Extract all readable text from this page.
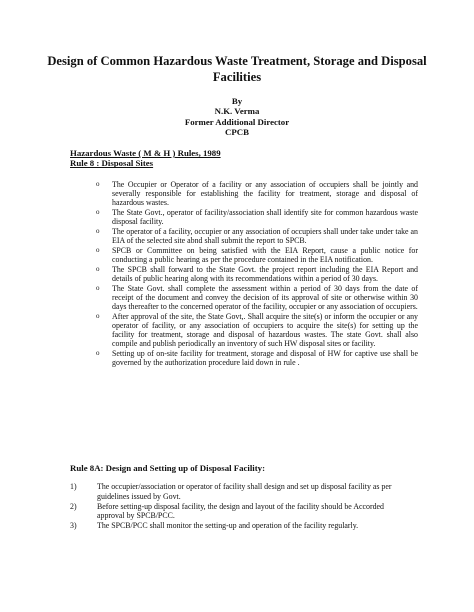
Design of Common Hazardous Waste Treatment, Storage and Disposal Facilities
By
N.K. Verma
Former Additional Director
CPCB
Hazardous Waste ( M & H ) Rules, 1989
Rule 8 : Disposal Sites
o The Occupier or Operator of a facility or any association of occupiers shall be jointly and severally responsible for establishing the facility for treatment, storage and disposal of hazardous wastes.
o The State Govt., operator of facility/association shall identify site for common hazardous waste disposal facility.
o The operator of a facility, occupier or any association of occupiers shall under take under take an EIA of the selected site abnd shall submit the report to SPCB.
o SPCB or Committee on being satisfied with the EIA Report, cause a public notice for conducting a public hearing as per the procedure contained in the EIA notification.
o The SPCB shall forward to the State Govt. the project report including the EIA Report and details of public hearing along with its recommendations within a period of 30 days.
o The State Govt. shall complete the assessment within a period of 30 days from the date of receipt of the document and convey the decision of its approval of site or otherwise within 30 days thereafter to the concerned operator of the facility, occupier or any association of occupiers.
o After approval of the site, the State Govt,. Shall acquire the site(s) or inform the occupier or any operator of facility, or any association of occupiers to acquire the site(s) for setting up the facility for treatment, storage and disposal of hazardous wastes. The state Govt. shall also compile and publish periodically an inventory of such HW disposal sites or facility.
o Setting up of on-site facility for treatment, storage and disposal of HW for captive use shall be governed by the authorization procedure laid down in rule .
Rule 8A: Design and Setting up of Disposal Facility:
1)	The occupier/association or operator of facility shall design and set up disposal facility as per guidelines issued by Govt.
2)	Before setting-up disposal facility, the design and layout of the facility should be Accorded approval by SPCB/PCC.
3)	The SPCB/PCC shall monitor the setting-up and operation of the facility regularly.
